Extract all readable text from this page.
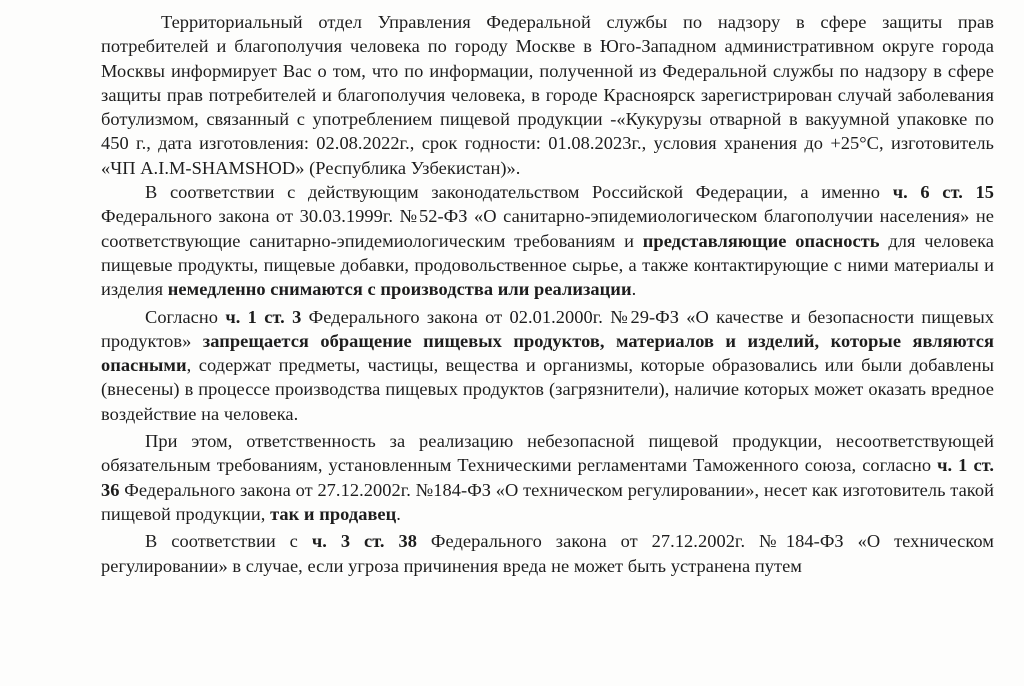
Территориальный отдел Управления Федеральной службы по надзору в сфере защиты прав потребителей и благополучия человека по городу Москве в Юго-Западном административном округе города Москвы информирует Вас о том, что по информации, полученной из Федеральной службы по надзору в сфере защиты прав потребителей и благополучия человека, в городе Красноярск зарегистрирован случай заболевания ботулизмом, связанный с употреблением пищевой продукции -«Кукурузы отварной в вакуумной упаковке по 450 г., дата изготовления: 02.08.2022г., срок годности: 01.08.2023г., условия хранения до +25°С, изготовитель «ЧП A.I.M-SHAMSHOD» (Республика Узбекистан)».

В соответствии с действующим законодательством Российской Федерации, а именно ч. 6 ст. 15 Федерального закона от 30.03.1999г. №52-ФЗ «О санитарно-эпидемиологическом благополучии населения» не соответствующие санитарно-эпидемиологическим требованиям и представляющие опасность для человека пищевые продукты, пищевые добавки, продовольственное сырье, а также контактирующие с ними материалы и изделия немедленно снимаются с производства или реализации.

Согласно ч. 1 ст. 3 Федерального закона от 02.01.2000г. №29-ФЗ «О качестве и безопасности пищевых продуктов» запрещается обращение пищевых продуктов, материалов и изделий, которые являются опасными, содержат предметы, частицы, вещества и организмы, которые образовались или были добавлены (внесены) в процессе производства пищевых продуктов (загрязнители), наличие которых может оказать вредное воздействие на человека.

При этом, ответственность за реализацию небезопасной пищевой продукции, несоответствующей обязательным требованиям, установленным Техническими регламентами Таможенного союза, согласно ч. 1 ст. 36 Федерального закона от 27.12.2002г. №184-ФЗ «О техническом регулировании», несет как изготовитель такой пищевой продукции, так и продавец.

В соответствии с ч. 3 ст. 38 Федерального закона от 27.12.2002г. №184-ФЗ «О техническом регулировании» в случае, если угроза причинения вреда не может быть устранена путем
